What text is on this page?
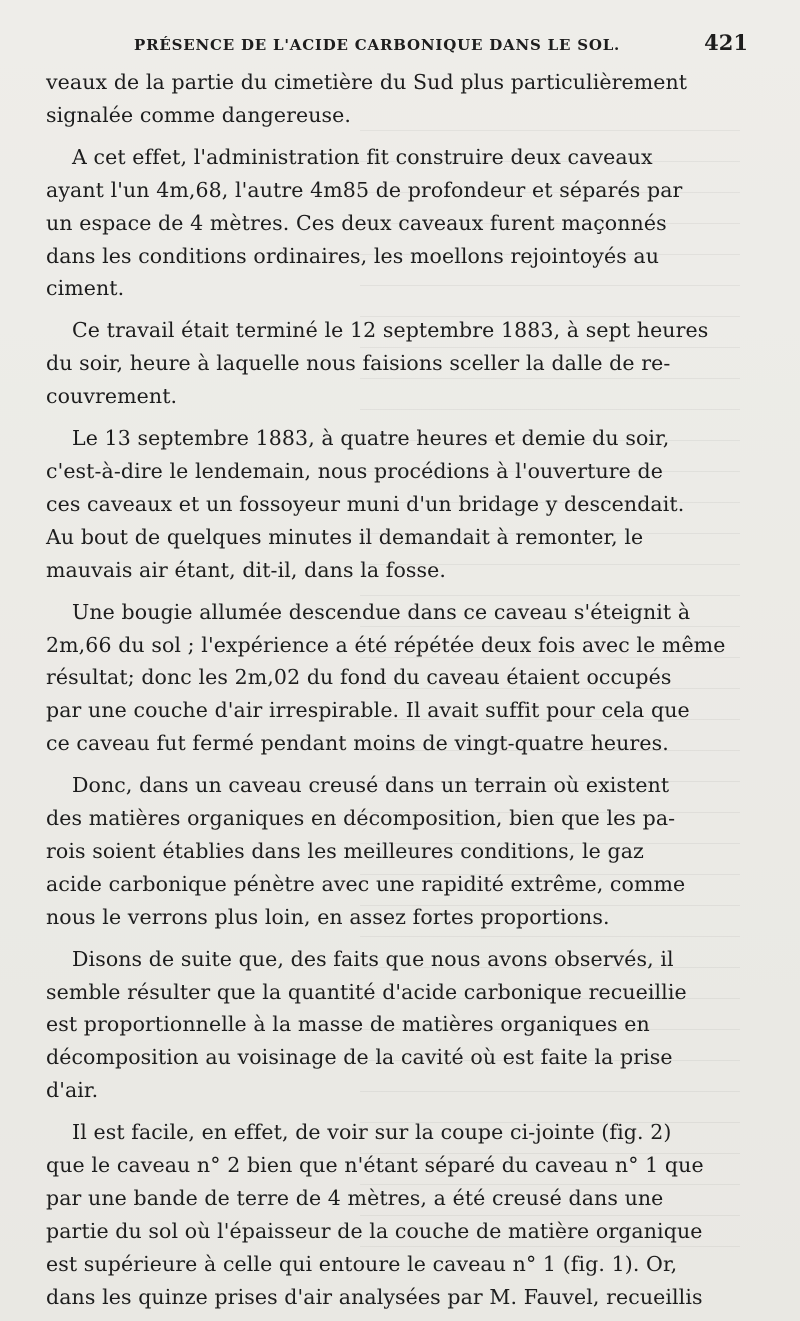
PRÉSENCE DE L'ACIDE CARBONIQUE DANS LE SOL.	421

veaux de la partie du cimetière du Sud plus particulièrement
signalée comme dangereuse.

A cet effet, l'administration fit construire deux caveaux
ayant l'un 4m,68, l'autre 4m85 de profondeur et séparés par
un espace de 4 mètres. Ces deux caveaux furent maçonnés
dans les conditions ordinaires, les moellons rejointoyés au
ciment.

Ce travail était terminé le 12 septembre 1883, à sept heures
du soir, heure à laquelle nous faisions sceller la dalle de re-
couvrement.

Le 13 septembre 1883, à quatre heures et demie du soir,
c'est-à-dire le lendemain, nous procédions à l'ouverture de
ces caveaux et un fossoyeur muni d'un bridage y descendait.
Au bout de quelques minutes il demandait à remonter, le
mauvais air étant, dit-il, dans la fosse.

Une bougie allumée descendue dans ce caveau s'éteignit à
2m,66 du sol ; l'expérience a été répétée deux fois avec le même
résultat; donc les 2m,02 du fond du caveau étaient occupés
par une couche d'air irrespirable. Il avait suffit pour cela que
ce caveau fut fermé pendant moins de vingt-quatre heures.

Donc, dans un caveau creusé dans un terrain où existent
des matières organiques en décomposition, bien que les pa-
rois soient établies dans les meilleures conditions, le gaz
acide carbonique pénètre avec une rapidité extrême, comme
nous le verrons plus loin, en assez fortes proportions.

Disons de suite que, des faits que nous avons observés, il
semble résulter que la quantité d'acide carbonique recueillie
est proportionnelle à la masse de matières organiques en
décomposition au voisinage de la cavité où est faite la prise
d'air.

Il est facile, en effet, de voir sur la coupe ci-jointe (fig. 2)
que le caveau n° 2 bien que n'étant séparé du caveau n° 1 que
par une bande de terre de 4 mètres, a été creusé dans une
partie du sol où l'épaisseur de la couche de matière organique
est supérieure à celle qui entoure le caveau n° 1 (fig. 1). Or,
dans les quinze prises d'air analysées par M. Fauvel, recueillis
